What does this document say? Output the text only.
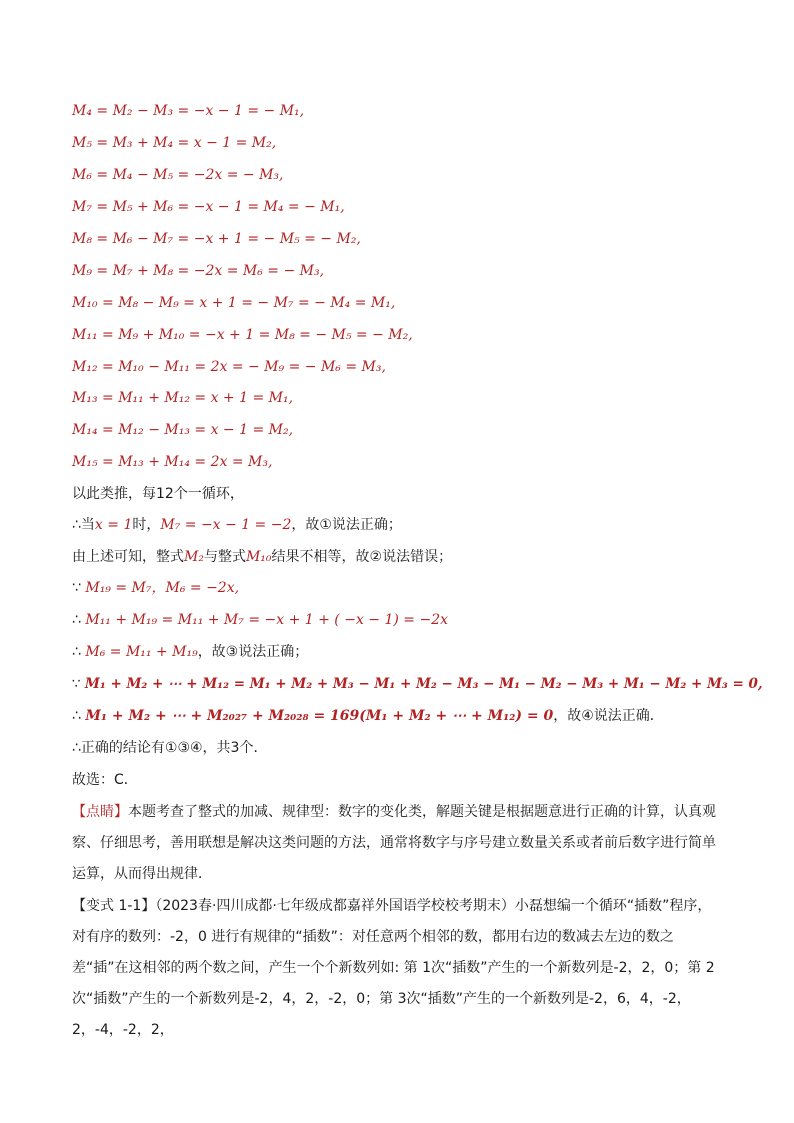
M₄ = M₂ − M₃ = −x − 1 = − M₁,
M₅ = M₃ + M₄ = x − 1 = M₂,
M₆ = M₄ − M₅ = −2x = − M₃,
M₇ = M₅ + M₆ = −x − 1 = M₄ = − M₁,
M₈ = M₆ − M₇ = −x + 1 = − M₅ = − M₂,
M₉ = M₇ + M₈ = −2x = M₆ = − M₃,
M₁₀ = M₈ − M₉ = x + 1 = − M₇ = − M₄ = M₁,
M₁₁ = M₉ + M₁₀ = −x + 1 = M₈ = − M₅ = − M₂,
M₁₂ = M₁₀ − M₁₁ = 2x = − M₉ = − M₆ = M₃,
M₁₃ = M₁₁ + M₁₂ = x + 1 = M₁,
M₁₄ = M₁₂ − M₁₃ = x − 1 = M₂,
M₁₅ = M₁₃ + M₁₄ = 2x = M₃,
以此类推，每12个一循环，
∴当x = 1时，M₇ = −x − 1 = −2，故①说法正确；
由上述可知，整式M₂与整式M₁₀结果不相等，故②说法错误；
∵ M₁₉ = M₇，M₆ = −2x,
∴ M₁₁ + M₁₉ = M₁₁ + M₇ = −x + 1 + ( −x − 1) = −2x
∴ M₆ = M₁₁ + M₁₉，故③说法正确；
∵ M₁ + M₂ + ⋯ + M₁₂ = M₁ + M₂ + M₃ − M₁ + M₂ − M₃ − M₁ − M₂ − M₃ + M₁ − M₂ + M₃ = 0,
∴ M₁ + M₂ + ⋯ + M₂₀₂₇ + M₂₀₂₈ = 169(M₁ + M₂ + ⋯ + M₁₂) = 0，故④说法正确．
∴正确的结论有①③④，共3个．
故选：C．
【点睛】本题考查了整式的加减、规律型：数字的变化类，解题关键是根据题意进行正确的计算，认真观察、仔细思考，善用联想是解决这类问题的方法，通常将数字与序号建立数量关系或者前后数字进行简单运算，从而得出规律．
【变式 1-1】（2023春·四川成都·七年级成都嘉祥外国语学校校考期末）小磊想编一个循环“插数”程序，对有序的数列：-2，0 进行有规律的“插数”：对任意两个相邻的数，都用右边的数减去左边的数之差“插”在这相邻的两个数之间，产生一个个新数列如: 第 1次“插数”产生的一个新数列是-2，2，0；第 2次“插数”产生的一个新数列是-2，4，2，-2，0；第 3次“插数”产生的一个新数列是-2，6，4，-2，2，-4，-2，2，
